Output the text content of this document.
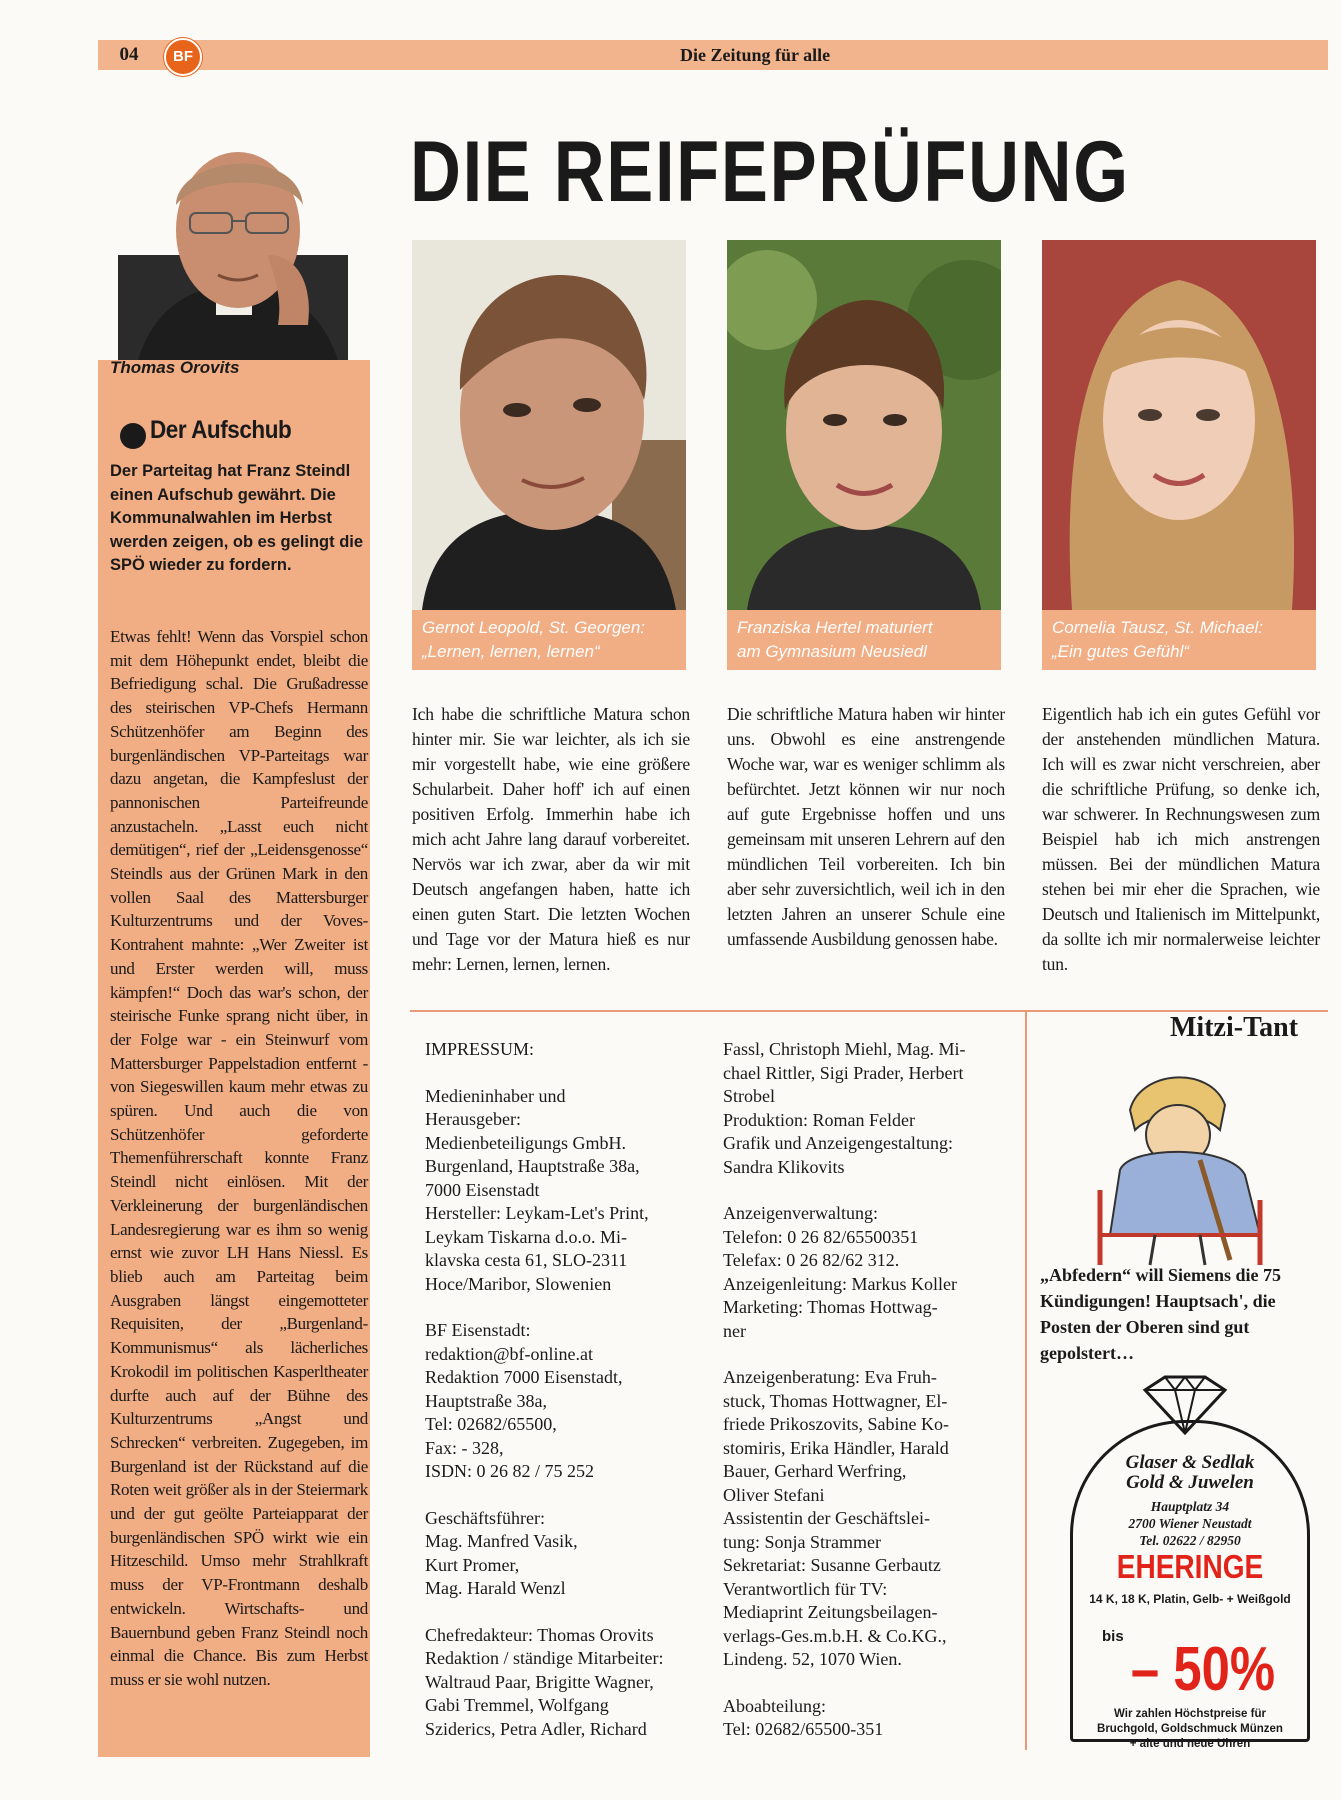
04	BF	Die Zeitung für alle
Thomas Orovits
Der Aufschub
Der Parteitag hat Franz Steindl einen Aufschub gewährt. Die Kommunalwahlen im Herbst werden zeigen, ob es gelingt die SPÖ wieder zu fordern.
Etwas fehlt! Wenn das Vorspiel schon mit dem Höhepunkt endet, bleibt die Befriedigung schal. Die Grußadresse des steirischen VP-Chefs Hermann Schützenhöfer am Beginn des burgenländischen VP-Parteitags war dazu angetan, die Kampfeslust der pannonischen Parteifreunde anzustacheln. „Lasst euch nicht demütigen“, rief der „Leidensgenosse“ Steindls aus der Grünen Mark in den vollen Saal des Mattersburger Kulturzentrums und der Voves-Kontrahent mahnte: „Wer Zweiter ist und Erster werden will, muss kämpfen!“ Doch das war's schon, der steirische Funke sprang nicht über, in der Folge war - ein Steinwurf vom Mattersburger Pappelstadion entfernt - von Siegeswillen kaum mehr etwas zu spüren. Und auch die von Schützenhöfer geforderte Themenführerschaft konnte Franz Steindl nicht einlösen. Mit der Verkleinerung der burgenländischen Landesregierung war es ihm so wenig ernst wie zuvor LH Hans Niessl. Es blieb auch am Parteitag beim Ausgraben längst eingemotteter Requisiten, der „Burgenland-Kommunismus“ als lächerliches Krokodil im politischen Kasperltheater durfte auch auf der Bühne des Kulturzentrums „Angst und Schrecken“ verbreiten. Zugegeben, im Burgenland ist der Rückstand auf die Roten weit größer als in der Steiermark und der gut geölte Parteiapparat der burgenländischen SPÖ wirkt wie ein Hitzeschild. Umso mehr Strahlkraft muss der VP-Frontmann deshalb entwickeln. Wirtschafts- und Bauernbund geben Franz Steindl noch einmal die Chance. Bis zum Herbst muss er sie wohl nutzen.
DIE REIFEPRÜFUNG
Gernot Leopold, St. Georgen:
„Lernen, lernen, lernen“
Franziska Hertel maturiert
am Gymnasium Neusiedl
Cornelia Tausz, St. Michael:
„Ein gutes Gefühl“
Ich habe die schriftliche Matura schon hinter mir. Sie war leichter, als ich sie mir vorgestellt habe, wie eine größere Schularbeit. Daher hoff' ich auf einen positiven Erfolg. Immerhin habe ich mich acht Jahre lang darauf vorbereitet. Nervös war ich zwar, aber da wir mit Deutsch angefangen haben, hatte ich einen guten Start. Die letzten Wochen und Tage vor der Matura hieß es nur mehr: Lernen, lernen, lernen.
Die schriftliche Matura haben wir hinter uns. Obwohl es eine anstrengende Woche war, war es weniger schlimm als befürchtet. Jetzt können wir nur noch auf gute Ergebnisse hoffen und uns gemeinsam mit unseren Lehrern auf den mündlichen Teil vorbereiten. Ich bin aber sehr zuversichtlich, weil ich in den letzten Jahren an unserer Schule eine umfassende Ausbildung genossen habe.
Eigentlich hab ich ein gutes Gefühl vor der anstehenden mündlichen Matura. Ich will es zwar nicht verschreien, aber die schriftliche Prüfung, so denke ich, war schwerer. In Rechnungswesen zum Beispiel hab ich mich anstrengen müssen. Bei der mündlichen Matura stehen bei mir eher die Sprachen, wie Deutsch und Italienisch im Mittelpunkt, da sollte ich mir normalerweise leichter tun.

IMPRESSUM:

Medieninhaber und
Herausgeber:
Medienbeteiligungs GmbH.
Burgenland, Hauptstraße 38a,
7000 Eisenstadt
Hersteller: Leykam-Let's Print,
Leykam Tiskarna d.o.o. Mi-
klavska cesta 61, SLO-2311
Hoce/Maribor, Slowenien

BF Eisenstadt:
redaktion@bf-online.at
Redaktion 7000 Eisenstadt,
Hauptstraße 38a,
Tel: 02682/65500,
Fax: - 328,
ISDN: 0 26 82 / 75 252

Geschäftsführer:
Mag. Manfred Vasik,
Kurt Promer,
Mag. Harald Wenzl

Chefredakteur: Thomas Orovits
Redaktion / ständige Mitarbeiter:
Waltraud Paar, Brigitte Wagner,
Gabi Tremmel, Wolfgang
Sziderics, Petra Adler, Richard

Fassl, Christoph Miehl, Mag. Mi-
chael Rittler, Sigi Prader, Herbert
Strobel
Produktion: Roman Felder
Grafik und Anzeigengestaltung:
Sandra Klikovits

Anzeigenverwaltung:
Telefon: 0 26 82/65500351
Telefax: 0 26 82/62 312.
Anzeigenleitung: Markus Koller
Marketing: Thomas Hottwag-
ner

Anzeigenberatung: Eva Fruh-
stuck, Thomas Hottwagner, El-
friede Prikoszovits, Sabine Ko-
stomiris, Erika Händler, Harald
Bauer, Gerhard Werfring,
Oliver Stefani
Assistentin der Geschäftslei-
tung: Sonja Strammer
Sekretariat: Susanne Gerbautz
Verantwortlich für TV:
Mediaprint Zeitungsbeilagen-
verlags-Ges.m.b.H. & Co.KG.,
Lindeng. 52, 1070 Wien.

Aboabteilung:
Tel: 02682/65500-351

Mitzi-Tant
„Abfedern“ will Siemens die 75 Kündigungen! Hauptsach', die Posten der Oberen sind gut gepolstert…
Glaser & Sedlak
Gold & Juwelen
Hauptplatz 34
2700 Wiener Neustadt
Tel. 02622 / 82950
EHERINGE
14 K, 18 K, Platin, Gelb- + Weißgold
bis – 50%
Wir zahlen Höchstpreise für
Bruchgold, Goldschmuck Münzen
+ alte und neue Uhren
